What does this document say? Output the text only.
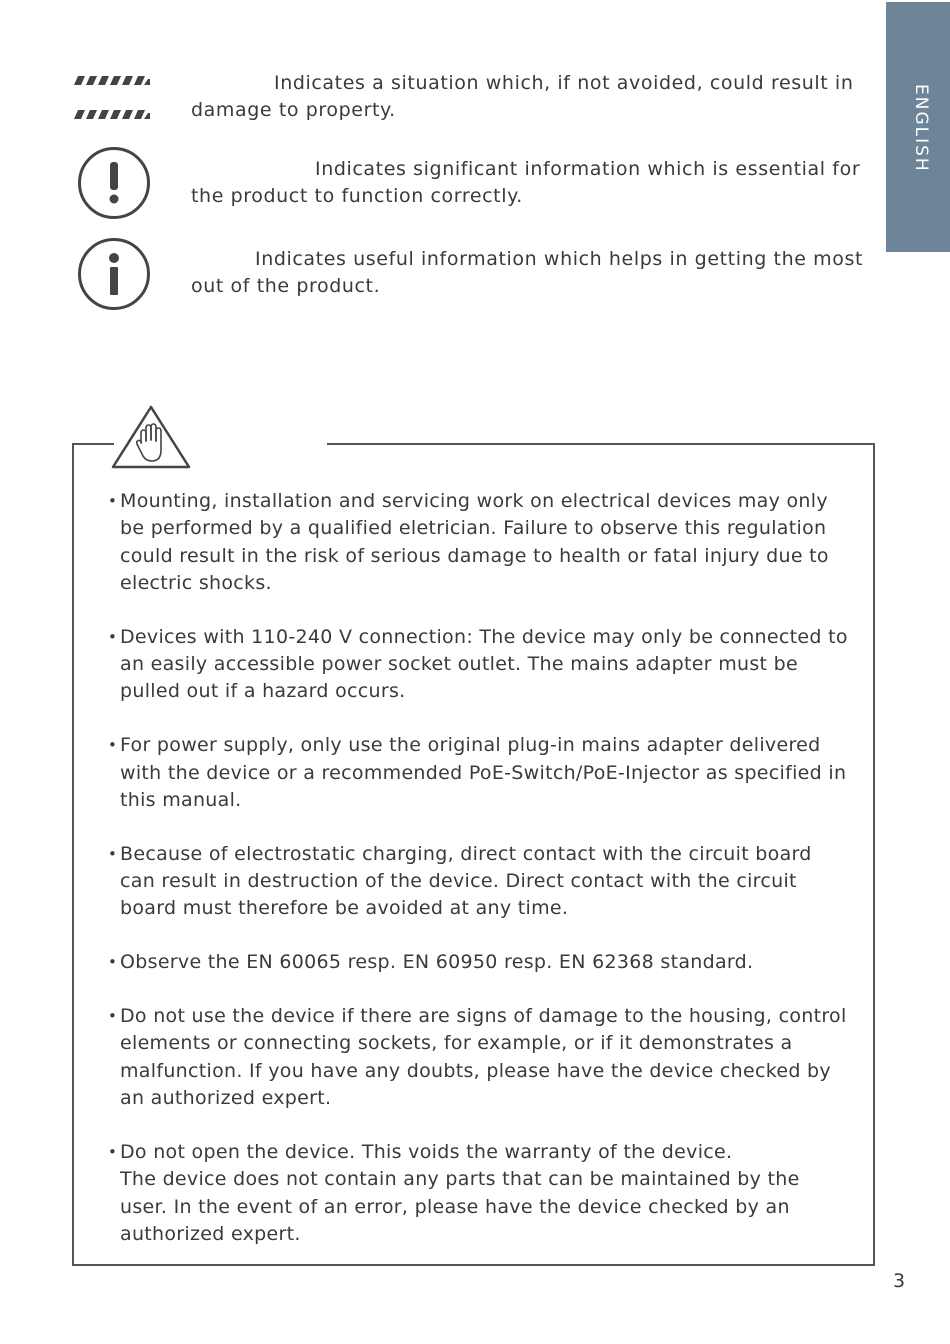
ENGLISH
Indicates a situation which, if not avoided, could result in damage to property.
Indicates significant information which is essential for the product to function correctly.
Indicates useful information which helps in getting the most out of the product.
• Mounting, installation and servicing work on electrical devices may only be performed by a qualified eletrician. Failure to observe this regulation could result in the risk of serious damage to health or fatal injury due to electric shocks.
• Devices with 110-240 V connection: The device may only be connected to an easily accessible power socket outlet. The mains adapter must be pulled out if a hazard occurs.
• For power supply, only use the original plug-in mains adapter delivered with the device or a recommended PoE-Switch/PoE-Injector as specified in this manual.
• Because of electrostatic charging, direct contact with the circuit board can result in destruction of the device. Direct contact with the circuit board must therefore be avoided at any time.
• Observe the EN 60065 resp. EN 60950 resp. EN 62368 standard.
• Do not use the device if there are signs of damage to the housing, control elements or connecting sockets, for example, or if it demonstrates a malfunction. If you have any doubts, please have the device checked by an authorized expert.
• Do not open the device. This voids the warranty of the device.
The device does not contain any parts that can be maintained by the user. In the event of an error, please have the device checked by an authorized expert.
3
